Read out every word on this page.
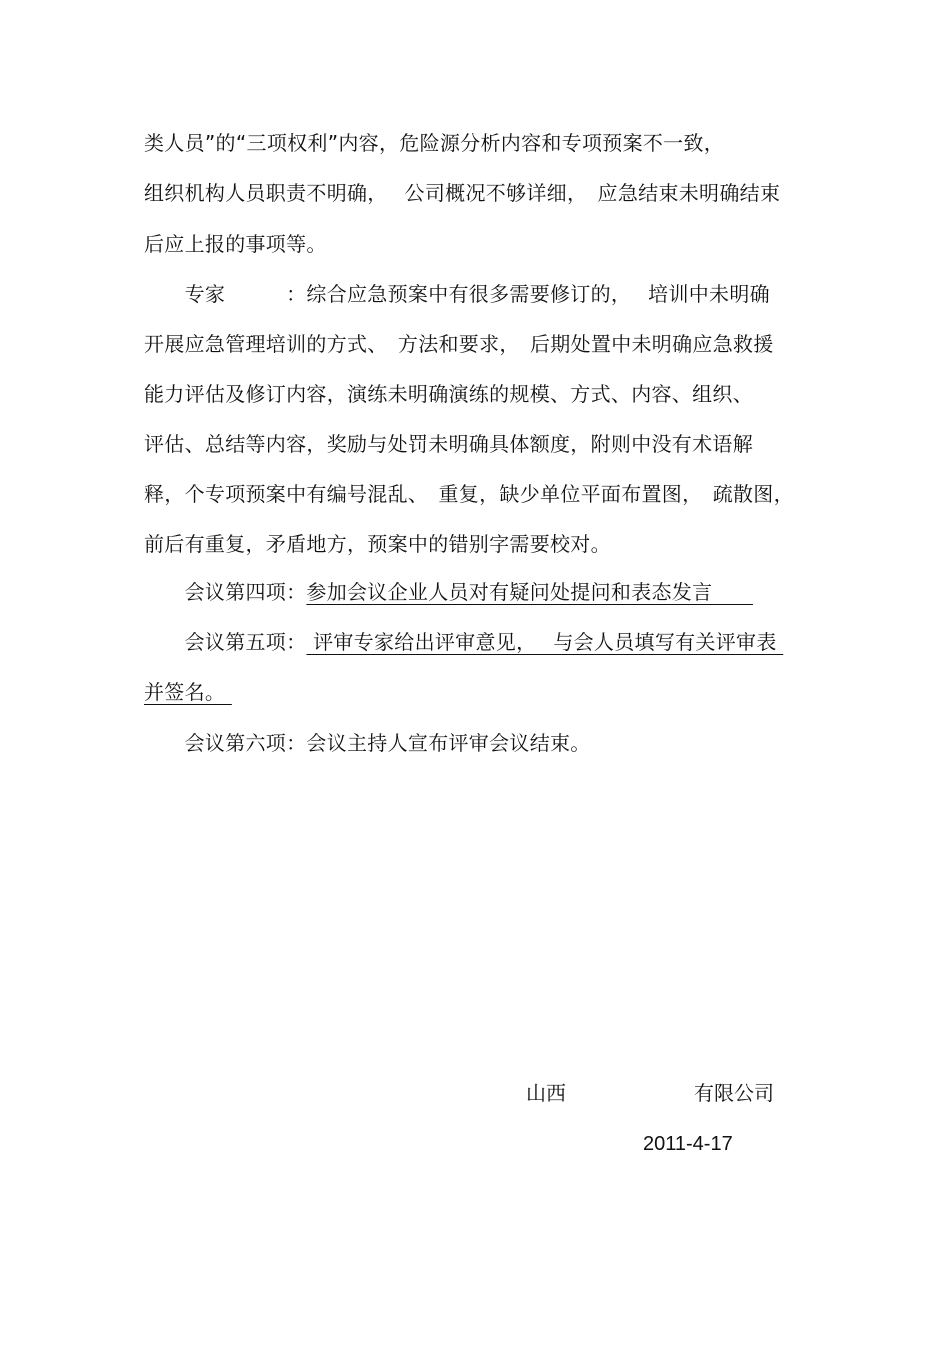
类人员”的“三项权利”内容，危险源分析内容和专项预案不一致，
组织机构人员职责不明确，　 公司概况不够详细，　应急结束未明确结束
后应上报的事项等。
　　专家　　　：综合应急预案中有很多需要修订的，　 培训中未明确
开展应急管理培训的方式、　方法和要求，　后期处置中未明确应急救援
能力评估及修订内容，演练未明确演练的规模、方式、内容、组织、
评估、总结等内容，奖励与处罚未明确具体额度，附则中没有术语解
释，个专项预案中有编号混乱、　重复，缺少单位平面布置图，　疏散图，
前后有重复，矛盾地方，预案中的错别字需要校对。
　　会议第四项：参加会议企业人员对有疑问处提问和表态发言　　
　　会议第五项： 评审专家给出评审意见，　 与会人员填写有关评审表
并签名。
　　会议第六项：会议主持人宣布评审会议结束。
山西	有限公司
2011-4-17
